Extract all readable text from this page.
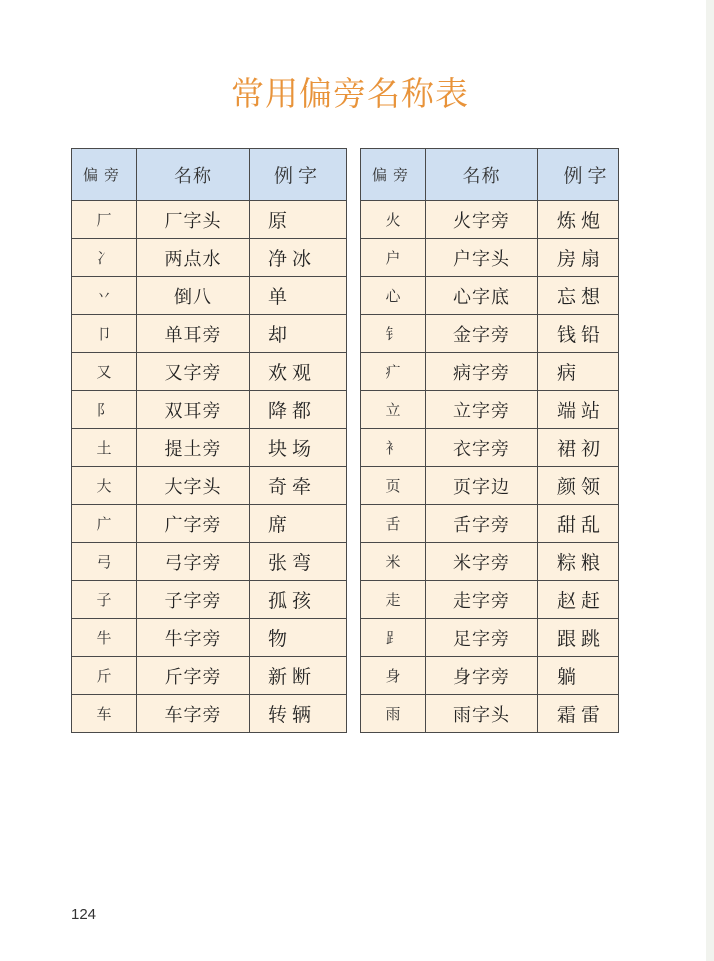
常用偏旁名称表
偏旁	名称	例字
厂	厂字头	原
冫	两点水	净冰
丷	倒八	单
卩	单耳旁	却
又	又字旁	欢观
阝	双耳旁	降都
土	提土旁	块场
大	大字头	奇牵
广	广字旁	席
弓	弓字旁	张弯
子	子字旁	孤孩
牛	牛字旁	物
斤	斤字旁	新断
车	车字旁	转辆
偏旁	名称	例字
火	火字旁	炼炮
户	户字头	房扇
心	心字底	忘想
钅	金字旁	钱铅
疒	病字旁	病
立	立字旁	端站
衤	衣字旁	裙初
页	页字边	颜领
舌	舌字旁	甜乱
米	米字旁	粽粮
走	走字旁	赵赶
⻊	足字旁	跟跳
身	身字旁	躺
雨	雨字头	霜雷
124
